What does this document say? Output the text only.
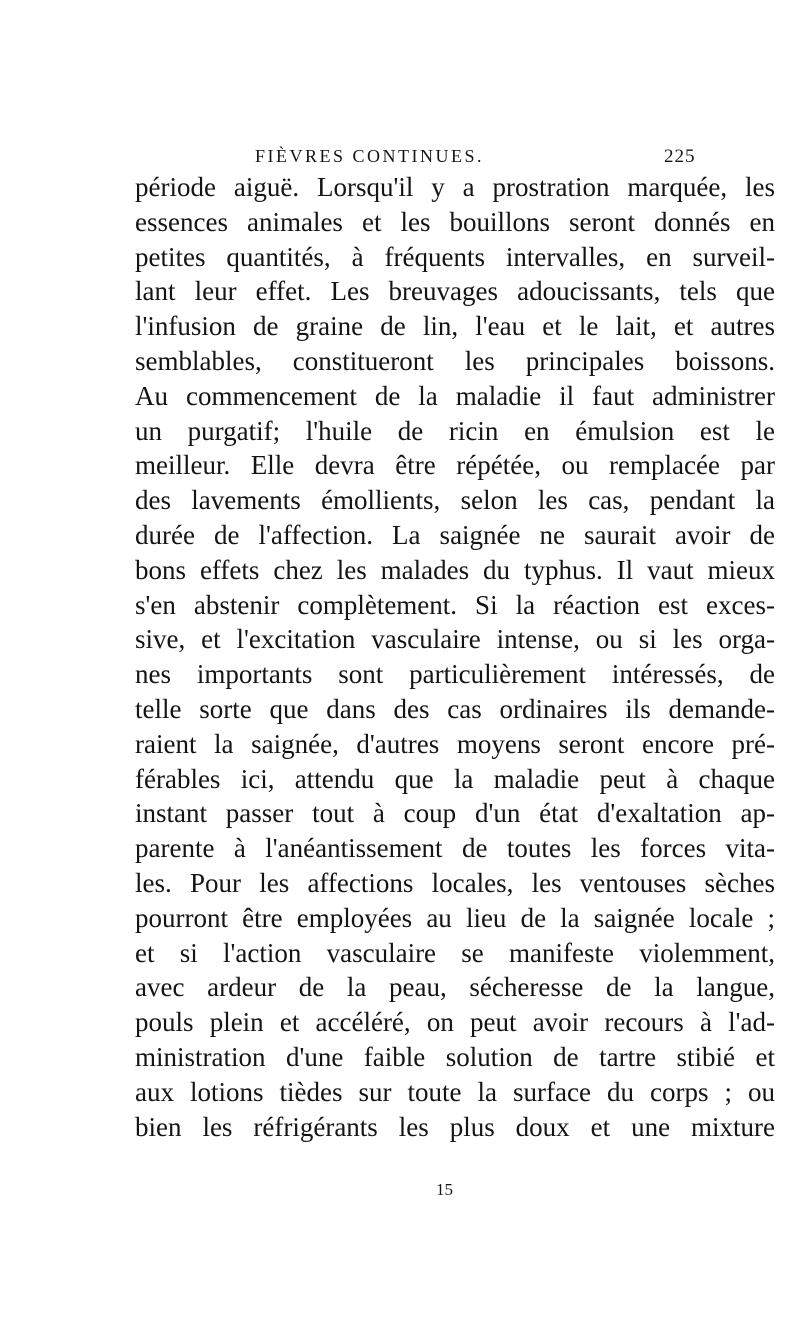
FIÈVRES CONTINUES.	225
période aiguë. Lorsqu'il y a prostration marquée, les
essences animales et les bouillons seront donnés en
petites quantités, à fréquents intervalles, en surveil-
lant leur effet. Les breuvages adoucissants, tels que
l'infusion de graine de lin, l'eau et le lait, et autres
semblables, constitueront les principales boissons.
Au commencement de la maladie il faut administrer
un purgatif; l'huile de ricin en émulsion est le
meilleur. Elle devra être répétée, ou remplacée par
des lavements émollients, selon les cas, pendant la
durée de l'affection. La saignée ne saurait avoir de
bons effets chez les malades du typhus. Il vaut mieux
s'en abstenir complètement. Si la réaction est exces-
sive, et l'excitation vasculaire intense, ou si les orga-
nes importants sont particulièrement intéressés, de
telle sorte que dans des cas ordinaires ils demande-
raient la saignée, d'autres moyens seront encore pré-
férables ici, attendu que la maladie peut à chaque
instant passer tout à coup d'un état d'exaltation ap-
parente à l'anéantissement de toutes les forces vita-
les. Pour les affections locales, les ventouses sèches
pourront être employées au lieu de la saignée locale ;
et si l'action vasculaire se manifeste violemment,
avec ardeur de la peau, sécheresse de la langue,
pouls plein et accéléré, on peut avoir recours à l'ad-
ministration d'une faible solution de tartre stibié et
aux lotions tièdes sur toute la surface du corps ; ou
bien les réfrigérants les plus doux et une mixture
15
